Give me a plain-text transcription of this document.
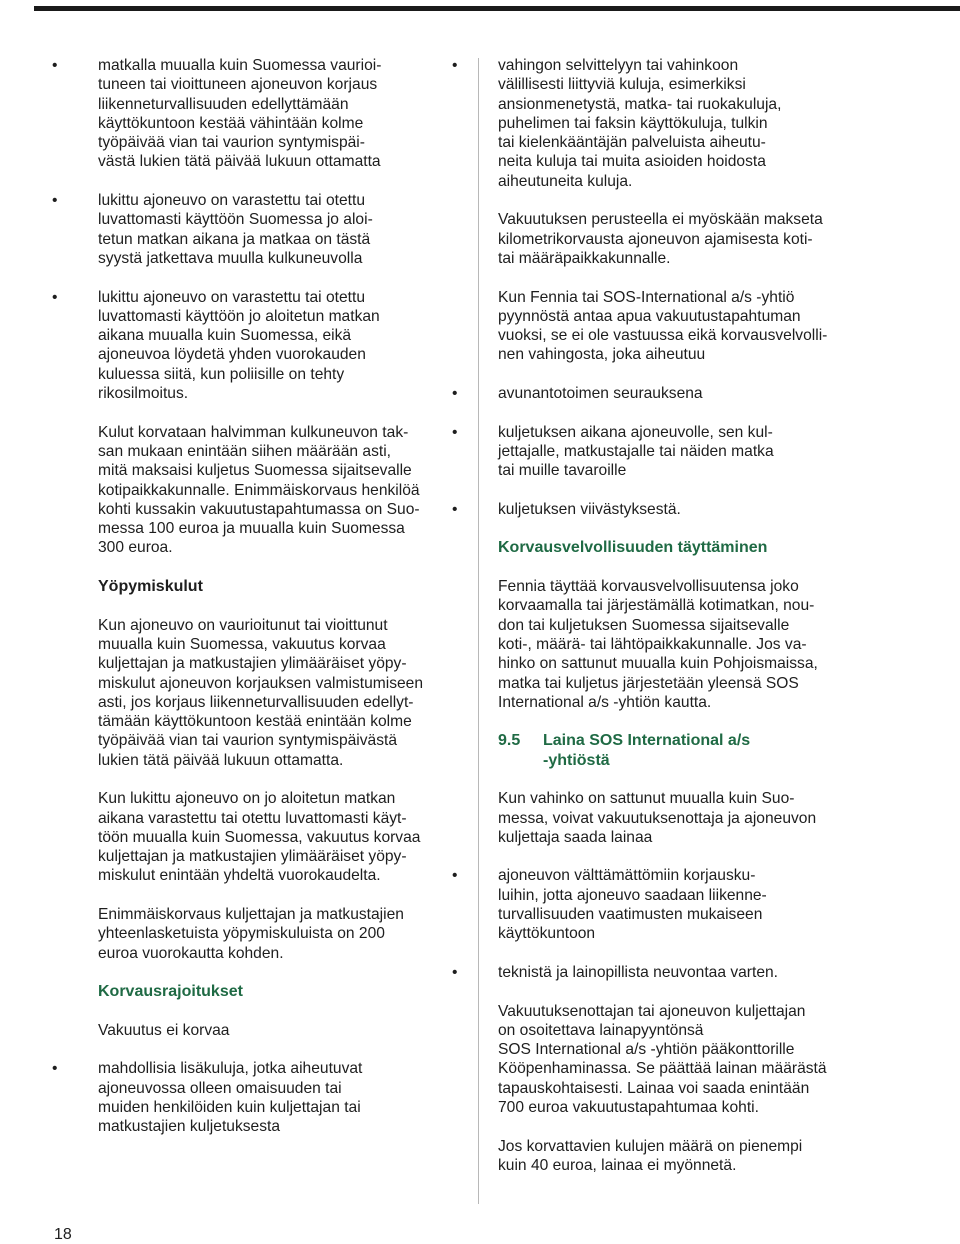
•	matkalla muualla kuin Suomessa vaurioi-
tuneen tai vioittuneen ajoneuvon korjaus
liikenneturvallisuuden edellyttämään
käyttökuntoon kestää vähintään kolme
työpäivää vian tai vaurion syntymispäi-
västä lukien tätä päivää lukuun ottamatta
•	lukittu ajoneuvo on varastettu tai otettu
luvattomasti käyttöön Suomessa jo aloi-
tetun matkan aikana ja matkaa on tästä
syystä jatkettava muulla kulkuneuvolla
•	lukittu ajoneuvo on varastettu tai otettu
luvattomasti käyttöön jo aloitetun matkan
aikana muualla kuin Suomessa, eikä
ajoneuvoa löydetä yhden vuorokauden
kuluessa siitä, kun poliisille on tehty
rikosilmoitus.

Kulut korvataan halvimman kulkuneuvon tak-
san mukaan enintään siihen määrään asti,
mitä maksaisi kuljetus Suomessa sijaitsevalle
kotipaikkakunnalle. Enimmäiskorvaus henkilöä
kohti kussakin vakuutustapahtumassa on Suo-
messa 100 euroa ja muualla kuin Suomessa
300 euroa.

Yöpymiskulut

Kun ajoneuvo on vaurioitunut tai vioittunut
muualla kuin Suomessa, vakuutus korvaa
kuljettajan ja matkustajien ylimääräiset yöpy-
miskulut ajoneuvon korjauksen valmistumiseen
asti, jos korjaus liikenneturvallisuuden edellyt-
tämään käyttökuntoon kestää enintään kolme
työpäivää vian tai vaurion syntymispäivästä
lukien tätä päivää lukuun ottamatta.

Kun lukittu ajoneuvo on jo aloitetun matkan
aikana varastettu tai otettu luvattomasti käyt-
töön muualla kuin Suomessa, vakuutus korvaa
kuljettajan ja matkustajien ylimääräiset yöpy-
miskulut enintään yhdeltä vuorokaudelta.

Enimmäiskorvaus kuljettajan ja matkustajien
yhteenlasketuista yöpymiskuluista on 200
euroa vuorokautta kohden.

Korvausrajoitukset

Vakuutus ei korvaa

•	mahdollisia lisäkuluja, jotka aiheutuvat
ajoneuvossa olleen omaisuuden tai
muiden henkilöiden kuin kuljettajan tai
matkustajien kuljetuksesta
•	vahingon selvittelyyn tai vahinkoon
välillisesti liittyviä kuluja, esimerkiksi
ansionmenetystä, matka- tai ruokakuluja,
puhelimen tai faksin käyttökuluja, tulkin
tai kielenkääntäjän palveluista aiheutu-
neita kuluja tai muita asioiden hoidosta
aiheutuneita kuluja.

Vakuutuksen perusteella ei myöskään makseta
kilometrikorvausta ajoneuvon ajamisesta koti-
tai määräpaikkakunnalle.

Kun Fennia tai SOS-International a/s -yhtiö
pyynnöstä antaa apua vakuutustapahtuman
vuoksi, se ei ole vastuussa eikä korvausvelvolli-
nen vahingosta, joka aiheutuu

•	avunantotoimen seurauksena
•	kuljetuksen aikana ajoneuvolle, sen kul-
jettajalle, matkustajalle tai näiden matka
tai muille tavaroille
•	kuljetuksen viivästyksestä.
Korvausvelvollisuuden täyttäminen

Fennia täyttää korvausvelvollisuutensa joko
korvaamalla tai järjestämällä kotimatkan, nou-
don tai kuljetuksen Suomessa sijaitsevalle
koti-, määrä- tai lähtöpaikkakunnalle. Jos va-
hinko on sattunut muualla kuin Pohjoismaissa,
matka tai kuljetus järjestetään yleensä SOS
International a/s -yhtiön kautta.

9.5 Laina SOS International a/s
-yhtiöstä

Kun vahinko on sattunut muualla kuin Suo-
messa, voivat vakuutuksenottaja ja ajoneuvon
kuljettaja saada lainaa

•	ajoneuvon välttämättömiin korjausku-
luihin, jotta ajoneuvo saadaan liikenne-
turvallisuuden vaatimusten mukaiseen
käyttökuntoon
•	teknistä ja lainopillista neuvontaa varten.

Vakuutuksenottajan tai ajoneuvon kuljettajan
on osoitettava lainapyyntönsä
SOS International a/s -yhtiön pääkonttorille
Kööpenhaminassa. Se päättää lainan määrästä
tapauskohtaisesti. Lainaa voi saada enintään
700 euroa vakuutustapahtumaa kohti.

Jos korvattavien kulujen määrä on pienempi
kuin 40 euroa, lainaa ei myönnetä.

18
